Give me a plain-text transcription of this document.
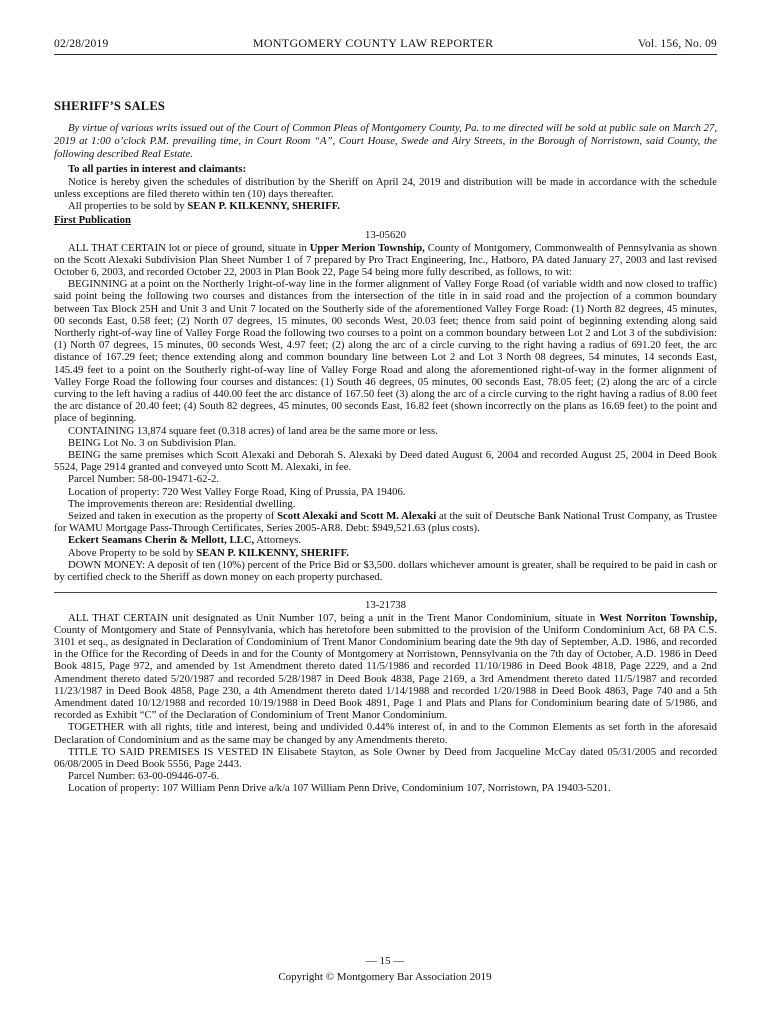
02/28/2019	MONTGOMERY COUNTY LAW REPORTER	Vol. 156, No. 09
SHERIFF’S SALES

By virtue of various writs issued out of the Court of Common Pleas of Montgomery County, Pa. to me directed will be sold at public sale on March 27, 2019 at 1:00 o’clock P.M. prevailing time, in Court Room “A”, Court House, Swede and Airy Streets, in the Borough of Norristown, said County, the following described Real Estate.

To all parties in interest and claimants:

Notice is hereby given the schedules of distribution by the Sheriff on April 24, 2019 and distribution will be made in accordance with the schedule unless exceptions are filed thereto within ten (10) days thereafter.

All properties to be sold by SEAN P. KILKENNY, SHERIFF.

First Publication

13-05620

ALL THAT CERTAIN lot or piece of ground, situate in Upper Merion Township, County of Montgomery, Commonwealth of Pennsylvania as shown on the Scott Alexaki Subdivision Plan Sheet Number 1 of 7 prepared by Pro Tract Engineering, Inc., Hatboro, PA dated January 27, 2003 and last revised October 6, 2003, and recorded October 22, 2003 in Plan Book 22, Page 54 being more fully described, as follows, to wit:

BEGINNING at a point on the Northerly 1right-of-way line in the former alignment of Valley Forge Road (of variable width and now closed to traffic) said point being the following two courses and distances from the intersection of the title in in said road and the projection of a common boundary between Tax Block 25H and Unit 3 and Unit 7 located on the Southerly side of the aforementioned Valley Forge Road: (1) North 82 degrees, 45 minutes, 00 seconds East, 0.58 feet; (2) North 07 degrees, 15 minutes, 00 seconds West, 20.03 feet; thence from said point of beginning extending along said Northerly right-of-way line of Valley Forge Road the following two courses to a point on a common boundary between Lot 2 and Lot 3 of the subdivision: (1) North 07 degrees, 15 minutes, 00 seconds West, 4.97 feet; (2) along the arc of a circle curving to the right having a radius of 691.20 feet, the arc distance of 167.29 feet; thence extending along and common boundary line between Lot 2 and Lot 3 North 08 degrees, 54 minutes, 14 seconds East, 145.49 feet to a point on the Southerly right-of-way line of Valley Forge Road and along the aforementioned right-of-way in the former alignment of Valley Forge Road the following four courses and distances: (1) South 46 degrees, 05 minutes, 00 seconds East, 78.05 feet; (2) along the arc of a circle curving to the left having a radius of 440.00 feet the arc distance of 167.50 feet (3) along the arc of a circle curving to the right having a radius of 8.00 feet the arc distance of 20.40 feet; (4) South 82 degrees, 45 minutes, 00 seconds East, 16.82 feet (shown incorrectly on the plans as 16.69 feet) to the point and place of beginning.

CONTAINING 13,874 square feet (0.318 acres) of land area be the same more or less.

BEING Lot No. 3 on Subdivision Plan.

BEING the same premises which Scott Alexaki and Deborah S. Alexaki by Deed dated August 6, 2004 and recorded August 25, 2004 in Deed Book 5524, Page 2914 granted and conveyed unto Scott M. Alexaki, in fee.

Parcel Number: 58-00-19471-62-2.

Location of property: 720 West Valley Forge Road, King of Prussia, PA 19406.

The improvements thereon are: Residential dwelling.

Seized and taken in execution as the property of Scott Alexaki and Scott M. Alexaki at the suit of Deutsche Bank National Trust Company, as Trustee for WAMU Mortgage Pass-Through Certificates, Series 2005-AR8. Debt: $949,521.63 (plus costs).

Eckert Seamans Cherin & Mellott, LLC, Attorneys.

Above Property to be sold by SEAN P. KILKENNY, SHERIFF.

DOWN MONEY: A deposit of ten (10%) percent of the Price Bid or $3,500. dollars whichever amount is greater, shall be required to be paid in cash or by certified check to the Sheriff as down money on each property purchased.

13-21738

ALL THAT CERTAIN unit designated as Unit Number 107, being a unit in the Trent Manor Condominium, situate in West Norriton Township, County of Montgomery and State of Pennsylvania, which has heretofore been submitted to the provision of the Uniform Condominium Act, 68 PA C.S. 3101 et seq., as designated in Declaration of Condominium of Trent Manor Condominium bearing date the 9th day of September, A.D. 1986, and recorded in the Office for the Recording of Deeds in and for the County of Montgomery at Norristown, Pennsylvania on the 7th day of October, A.D. 1986 in Deed Book 4815, Page 972, and amended by 1st Amendment thereto dated 11/5/1986 and recorded 11/10/1986 in Deed Book 4818, Page 2229, and a 2nd Amendment thereto dated 5/20/1987 and recorded 5/28/1987 in Deed Book 4838, Page 2169, a 3rd Amendment thereto dated 11/5/1987 and recorded 11/23/1987 in Deed Book 4858, Page 230, a 4th Amendment thereto dated 1/14/1988 and recorded 1/20/1988 in Deed Book 4863, Page 740 and a 5th Amendment dated 10/12/1988 and recorded 10/19/1988 in Deed Book 4891, Page 1 and Plats and Plans for Condominium bearing date of 5/1986, and recorded as Exhibit “C” of the Declaration of Condominium of Trent Manor Condominium.

TOGETHER with all rights, title and interest, being and undivided 0.44% interest of, in and to the Common Elements as set forth in the aforesaid Declaration of Condominium and as the same may be changed by any Amendments thereto.

TITLE TO SAID PREMISES IS VESTED IN Elisabete Stayton, as Sole Owner by Deed from Jacqueline McCay dated 05/31/2005 and recorded 06/08/2005 in Deed Book 5556, Page 2443.

Parcel Number: 63-00-09446-07-6.

Location of property: 107 William Penn Drive a/k/a 107 William Penn Drive, Condominium 107, Norristown, PA 19403-5201.

— 15 —
Copyright © Montgomery Bar Association 2019
